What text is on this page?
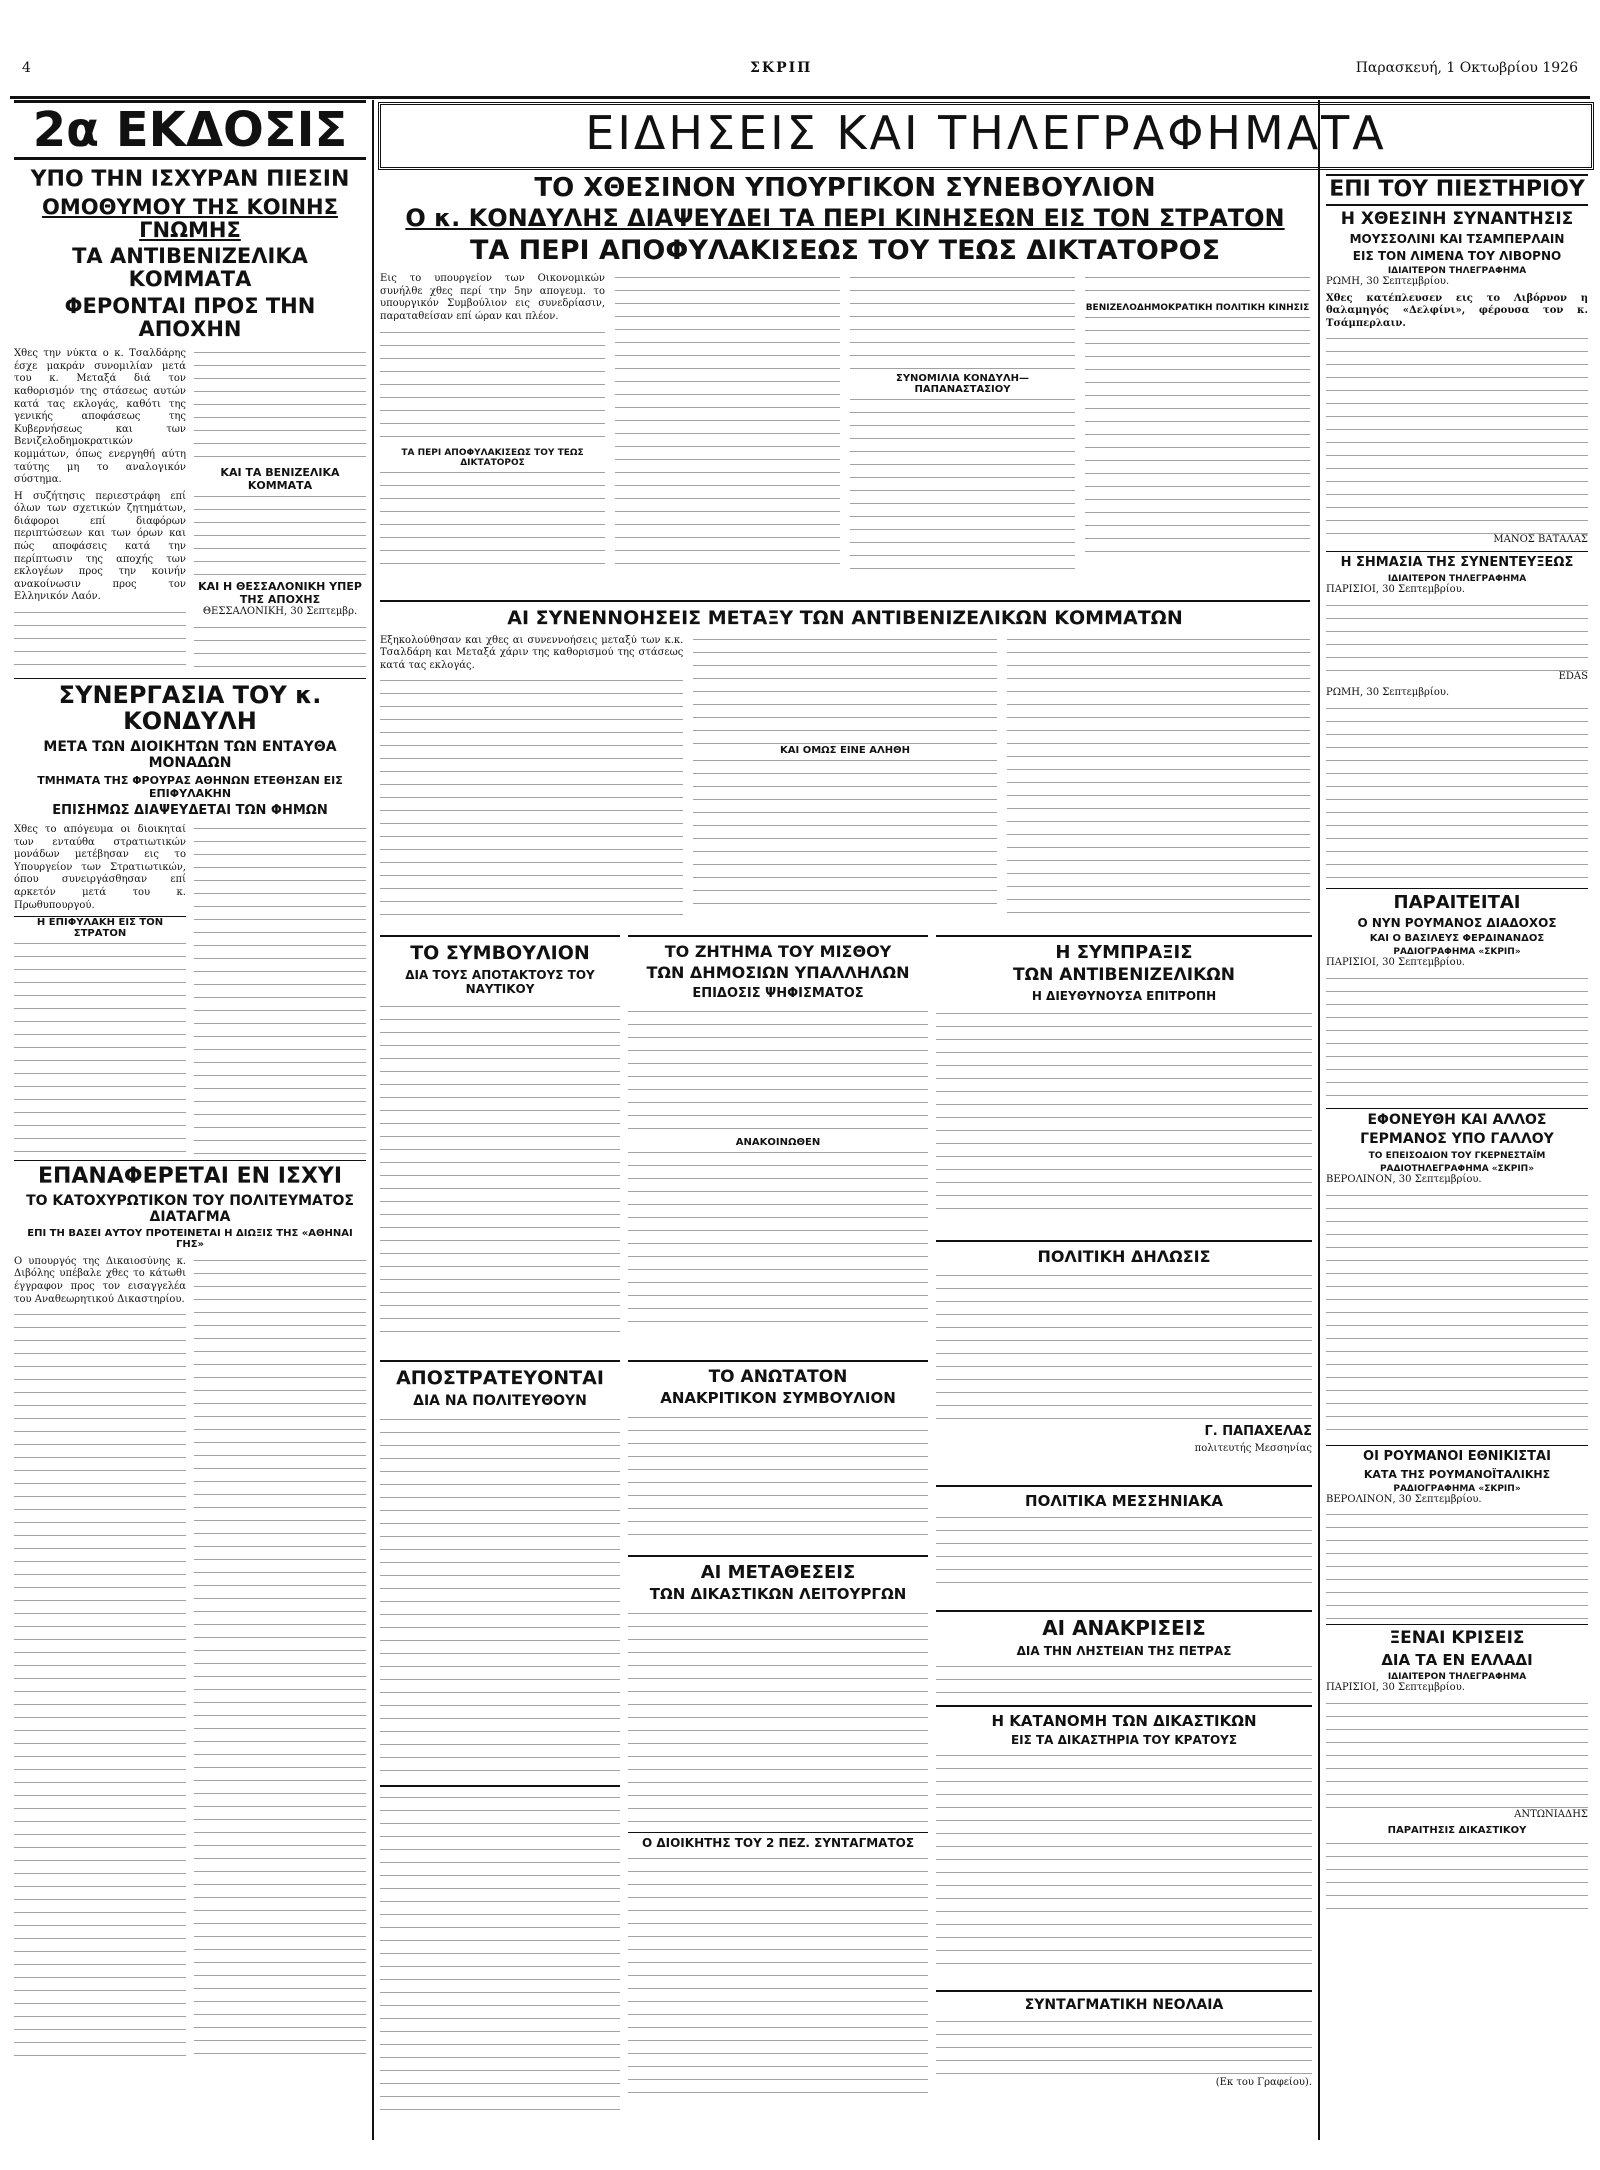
4	ΣΚΡΙΠ	Παρασκευή, 1 Οκτωβρίου 1926
2α ΕΚΔΟΣΙΣ
ΥΠΟ ΤΗΝ ΙΣΧΥΡΑΝ ΠΙΕΣΙΝ
ΟΜΟΘΥΜΟΥ ΤΗΣ ΚΟΙΝΗΣ ΓΝΩΜΗΣ
ΤΑ ΑΝΤΙΒΕΝΙΖΕΛΙΚΑ ΚΟΜΜΑΤΑ
ΦΕΡΟΝΤΑΙ ΠΡΟΣ ΤΗΝ ΑΠΟΧΗΝ

Χθες την νύκτα ο κ. Τσαλδάρης έσχε μακράν συνομιλίαν μετά του κ. Μεταξά διά τον καθορισμόν της στάσεως αυτών κατά τας εκλογάς, καθότι της γενικής αποφάσεως της Κυβερνήσεως και των Βενιζελοδημοκρατικών κομμάτων, όπως ενεργηθή αύτη ταύτης μη το αναλογικόν σύστημα.

Η συζήτησις περιεστράφη επί όλων των σχετικών ζητημάτων, διάφοροι επί διαφόρων περιπτώσεων και των όρων και πώς αποφάσεις κατά την περίπτωσιν της αποχής των εκλογέων προς την κοινήν ανακοίνωσιν προς τον Ελληνικόν Λαόν.

ΚΑΙ ΤΑ ΒΕΝΙΖΕΛΙΚΑ ΚΟΜΜΑΤΑ
ΚΑΙ Η ΘΕΣΣΑΛΟΝΙΚΗ ΥΠΕΡ ΤΗΣ ΑΠΟΧΗΣ
ΘΕΣΣΑΛΟΝΙΚΗ, 30 Σεπτεμβρ.
ΣΥΝΕΡΓΑΣΙΑ ΤΟΥ κ. ΚΟΝΔΥΛΗ
ΜΕΤΑ ΤΩΝ ΔΙΟΙΚΗΤΩΝ ΤΩΝ ΕΝΤΑΥΘΑ ΜΟΝΑΔΩΝ
ΤΜΗΜΑΤΑ ΤΗΣ ΦΡΟΥΡΑΣ ΑΘΗΝΩΝ ΕΤΕΘΗΣΑΝ ΕΙΣ ΕΠΙΦΥΛΑΚΗΝ
ΕΠΙΣΗΜΩΣ ΔΙΑΨΕΥΔΕΤΑΙ ΤΩΝ ΦΗΜΩΝ

Χθες το απόγευμα οι διοικηταί των ενταύθα στρατιωτικών μονάδων μετέβησαν εις το Υπουργείον των Στρατιωτικών, όπου συνειργάσθησαν επί αρκετόν μετά του κ. Πρωθυπουργού.

Η ΕΠΙΦΥΛΑΚΗ ΕΙΣ ΤΟΝ ΣΤΡΑΤΟΝ
ΕΠΑΝΑΦΕΡΕΤΑΙ ΕΝ ΙΣΧΥΙ
ΤΟ ΚΑΤΟΧΥΡΩΤΙΚΟΝ ΤΟΥ ΠΟΛΙΤΕΥΜΑΤΟΣ ΔΙΑΤΑΓΜΑ
ΕΠΙ ΤΗ ΒΑΣΕΙ ΑΥΤΟΥ ΠΡΟΤΕΙΝΕΤΑΙ Η ΔΙΩΞΙΣ ΤΗΣ «ΑΘΗΝΑΙ ΓΗΣ»

Ο υπουργός της Δικαιοσύνης κ. Διβόλης υπέβαλε χθες το κάτωθι έγγραφον προς τον εισαγγελέα του Αναθεωρητικού Δικαστηρίου.

ΕΙΔΗΣΕΙΣ ΚΑΙ ΤΗΛΕΓΡΑΦΗΜΑΤΑ
ΤΟ ΧΘΕΣΙΝΟΝ ΥΠΟΥΡΓΙΚΟΝ ΣΥΝΕΒΟΥΛΙΟΝ
Ο κ. ΚΟΝΔΥΛΗΣ ΔΙΑΨΕΥΔΕΙ ΤΑ ΠΕΡΙ ΚΙΝΗΣΕΩΝ ΕΙΣ ΤΟΝ ΣΤΡΑΤΟΝ
ΤΑ ΠΕΡΙ ΑΠΟΦΥΛΑΚΙΣΕΩΣ ΤΟΥ ΤΕΩΣ ΔΙΚΤΑΤΟΡΟΣ

Εις το υπουργείον των Οικονομικών συνήλθε χθες περί την 5ην απογευμ. το υπουργικόν Συμβούλιον εις συνεδρίασιν, παραταθείσαν επί ώραν και πλέον.

ΤΑ ΠΕΡΙ ΑΠΟΦΥΛΑΚΙΣΕΩΣ ΤΟΥ ΤΕΩΣ ΔΙΚΤΑΤΟΡΟΣ
ΣΥΝΟΜΙΛΙΑ ΚΟΝΔΥΛΗ—ΠΑΠΑΝΑΣΤΑΣΙΟΥ
ΒΕΝΙΖΕΛΟΔΗΜΟΚΡΑΤΙΚΗ ΠΟΛΙΤΙΚΗ ΚΙΝΗΣΙΣ
ΑΙ ΣΥΝΕΝΝΟΗΣΕΙΣ ΜΕΤΑΞΥ ΤΩΝ ΑΝΤΙΒΕΝΙΖΕΛΙΚΩΝ ΚΟΜΜΑΤΩΝ

Εξηκολούθησαν και χθες αι συνεννοήσεις μεταξύ των κ.κ. Τσαλδάρη και Μεταξά χάριν της καθορισμού της στάσεως κατά τας εκλογάς.

ΚΑΙ ΟΜΩΣ ΕΙΝΕ ΑΛΗΘΗ
ΤΟ ΣΥΜΒΟΥΛΙΟΝ
ΔΙΑ ΤΟΥΣ ΑΠΟΤΑΚΤΟΥΣ ΤΟΥ ΝΑΥΤΙΚΟΥ
ΤΟ ΖΗΤΗΜΑ ΤΟΥ ΜΙΣΘΟΥ
ΤΩΝ ΔΗΜΟΣΙΩΝ ΥΠΑΛΛΗΛΩΝ
ΕΠΙΔΟΣΙΣ ΨΗΦΙΣΜΑΤΟΣ
ΑΝΑΚΟΙΝΩΘΕΝ
Η ΣΥΜΠΡΑΞΙΣ
ΤΩΝ ΑΝΤΙΒΕΝΙΖΕΛΙΚΩΝ
Η ΔΙΕΥΘΥΝΟΥΣΑ ΕΠΙΤΡΟΠΗ
ΠΟΛΙΤΙΚΗ ΔΗΛΩΣΙΣ
Γ. ΠΑΠΑΧΕΛΑΣ
πολιτευτής Μεσσηνίας
ΠΟΛΙΤΙΚΑ ΜΕΣΣΗΝΙΑΚΑ
ΑΠΟΣΤΡΑΤΕΥΟΝΤΑΙ
ΔΙΑ ΝΑ ΠΟΛΙΤΕΥΘΟΥΝ
ΤΟ ΑΝΩΤΑΤΟΝ
ΑΝΑΚΡΙΤΙΚΟΝ ΣΥΜΒΟΥΛΙΟΝ
ΑΙ ΜΕΤΑΘΕΣΕΙΣ
ΤΩΝ ΔΙΚΑΣΤΙΚΩΝ ΛΕΙΤΟΥΡΓΩΝ
Ο ΔΙΟΙΚΗΤΗΣ ΤΟΥ 2 ΠΕΖ. ΣΥΝΤΑΓΜΑΤΟΣ
ΑΙ ΑΝΑΚΡΙΣΕΙΣ
ΔΙΑ ΤΗΝ ΛΗΣΤΕΙΑΝ ΤΗΣ ΠΕΤΡΑΣ
Η ΚΑΤΑΝΟΜΗ ΤΩΝ ΔΙΚΑΣΤΙΚΩΝ
ΕΙΣ ΤΑ ΔΙΚΑΣΤΗΡΙΑ ΤΟΥ ΚΡΑΤΟΥΣ
ΣΥΝΤΑΓΜΑΤΙΚΗ ΝΕΟΛΑΙΑ
(Εκ του Γραφείου).
ΕΠΙ ΤΟΥ ΠΙΕΣΤΗΡΙΟΥ
Η ΧΘΕΣΙΝΗ ΣΥΝΑΝΤΗΣΙΣ
ΜΟΥΣΣΟΛΙΝΙ ΚΑΙ ΤΣΑΜΠΕΡΛΑΙΝ
ΕΙΣ ΤΟΝ ΛΙΜΕΝΑ ΤΟΥ ΛΙΒΟΡΝΟ
ΙΔΙΑΙΤΕΡΟΝ ΤΗΛΕΓΡΑΦΗΜΑ
ΡΩΜΗ, 30 Σεπτεμβρίου.

Χθες κατέπλευσεν εις το Λιβόρνον η θαλαμηγός «Δελφίνι», φέρουσα τον κ. Τσάμπερλαιν.

ΜΑΝΟΣ ΒΑΤΑΛΑΣ
Η ΣΗΜΑΣΙΑ ΤΗΣ ΣΥΝΕΝΤΕΥΞΕΩΣ
ΙΔΙΑΙΤΕΡΟΝ ΤΗΛΕΓΡΑΦΗΜΑ
ΠΑΡΙΣΙΟΙ, 30 Σεπτεμβρίου.
ΕDAS
ΡΩΜΗ, 30 Σεπτεμβρίου.
ΠΑΡΑΙΤΕΙΤΑΙ
Ο ΝΥΝ ΡΟΥΜΑΝΟΣ ΔΙΑΔΟΧΟΣ
ΚΑΙ Ο ΒΑΣΙΛΕΥΣ ΦΕΡΔΙΝΑΝΔΟΣ
ΡΑΔΙΟΓΡΑΦΗΜΑ «ΣΚΡΙΠ»
ΠΑΡΙΣΙΟΙ, 30 Σεπτεμβρίου.
ΕΦΟΝΕΥΘΗ ΚΑΙ ΑΛΛΟΣ
ΓΕΡΜΑΝΟΣ ΥΠΟ ΓΑΛΛΟΥ
ΤΟ ΕΠΕΙΣΟΔΙΟΝ ΤΟΥ ΓΚΕΡΝΕΣΤΑΪΜ
ΡΑΔΙΟΤΗΛΕΓΡΑΦΗΜΑ «ΣΚΡΙΠ»
ΒΕΡΟΛΙΝΟΝ, 30 Σεπτεμβρίου.
ΟΙ ΡΟΥΜΑΝΟΙ ΕΘΝΙΚΙΣΤΑΙ
ΚΑΤΑ ΤΗΣ ΡΟΥΜΑΝΟΪΤΑΛΙΚΗΣ
ΡΑΔΙΟΓΡΑΦΗΜΑ «ΣΚΡΙΠ»
ΒΕΡΟΛΙΝΟΝ, 30 Σεπτεμβρίου.
ΞΕΝΑΙ ΚΡΙΣΕΙΣ
ΔΙΑ ΤΑ ΕΝ ΕΛΛΑΔΙ
ΙΔΙΑΙΤΕΡΟΝ ΤΗΛΕΓΡΑΦΗΜΑ
ΠΑΡΙΣΙΟΙ, 30 Σεπτεμβρίου.
ΑΝΤΩΝΙΑΔΗΣ
ΠΑΡΑΙΤΗΣΙΣ ΔΙΚΑΣΤΙΚΟΥ
